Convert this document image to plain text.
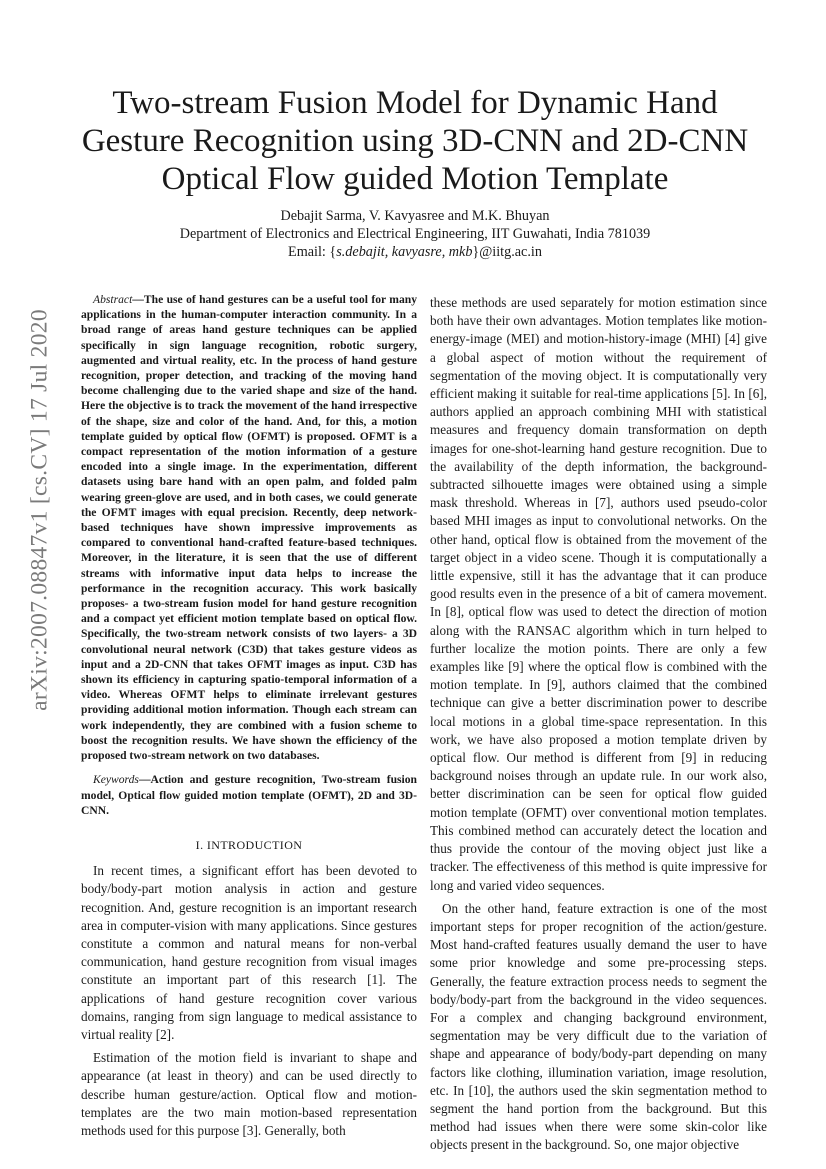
arXiv:2007.08847v1 [cs.CV] 17 Jul 2020
Two-stream Fusion Model for Dynamic Hand
Gesture Recognition using 3D-CNN and 2D-CNN
Optical Flow guided Motion Template
Debajit Sarma, V. Kavyasree and M.K. Bhuyan
Department of Electronics and Electrical Engineering, IIT Guwahati, India 781039
Email: {s.debajit, kavyasre, mkb}@iitg.ac.in

Abstract—The use of hand gestures can be a useful tool for many applications in the human-computer interaction community. In a broad range of areas hand gesture techniques can be applied specifically in sign language recognition, robotic surgery, augmented and virtual reality, etc. In the process of hand gesture recognition, proper detection, and tracking of the moving hand become challenging due to the varied shape and size of the hand. Here the objective is to track the movement of the hand irrespective of the shape, size and color of the hand. And, for this, a motion template guided by optical flow (OFMT) is proposed. OFMT is a compact representation of the motion information of a gesture encoded into a single image. In the experimentation, different datasets using bare hand with an open palm, and folded palm wearing green-glove are used, and in both cases, we could generate the OFMT images with equal precision. Recently, deep network-based techniques have shown impressive improvements as compared to conventional hand-crafted feature-based techniques. Moreover, in the literature, it is seen that the use of different streams with informative input data helps to increase the performance in the recognition accuracy. This work basically proposes- a two-stream fusion model for hand gesture recognition and a compact yet efficient motion template based on optical flow. Specifically, the two-stream network consists of two layers- a 3D convolutional neural network (C3D) that takes gesture videos as input and a 2D-CNN that takes OFMT images as input. C3D has shown its efficiency in capturing spatio-temporal information of a video. Whereas OFMT helps to eliminate irrelevant gestures providing additional motion information. Though each stream can work independently, they are combined with a fusion scheme to boost the recognition results. We have shown the efficiency of the proposed two-stream network on two databases.

Keywords—Action and gesture recognition, Two-stream fusion model, Optical flow guided motion template (OFMT), 2D and 3D-CNN.

I. INTRODUCTION

In recent times, a significant effort has been devoted to body/body-part motion analysis in action and gesture recognition. And, gesture recognition is an important research area in computer-vision with many applications. Since gestures constitute a common and natural means for non-verbal communication, hand gesture recognition from visual images constitute an important part of this research [1]. The applications of hand gesture recognition cover various domains, ranging from sign language to medical assistance to virtual reality [2].

Estimation of the motion field is invariant to shape and appearance (at least in theory) and can be used directly to describe human gesture/action. Optical flow and motion-templates are the two main motion-based representation methods used for this purpose [3]. Generally, both

these methods are used separately for motion estimation since both have their own advantages. Motion templates like motion-energy-image (MEI) and motion-history-image (MHI) [4] give a global aspect of motion without the requirement of segmentation of the moving object. It is computationally very efficient making it suitable for real-time applications [5]. In [6], authors applied an approach combining MHI with statistical measures and frequency domain transformation on depth images for one-shot-learning hand gesture recognition. Due to the availability of the depth information, the background-subtracted silhouette images were obtained using a simple mask threshold. Whereas in [7], authors used pseudo-color based MHI images as input to convolutional networks. On the other hand, optical flow is obtained from the movement of the target object in a video scene. Though it is computationally a little expensive, still it has the advantage that it can produce good results even in the presence of a bit of camera movement. In [8], optical flow was used to detect the direction of motion along with the RANSAC algorithm which in turn helped to further localize the motion points. There are only a few examples like [9] where the optical flow is combined with the motion template. In [9], authors claimed that the combined technique can give a better discrimination power to describe local motions in a global time-space representation. In this work, we have also proposed a motion template driven by optical flow. Our method is different from [9] in reducing background noises through an update rule. In our work also, better discrimination can be seen for optical flow guided motion template (OFMT) over conventional motion templates. This combined method can accurately detect the location and thus provide the contour of the moving object just like a tracker. The effectiveness of this method is quite impressive for long and varied video sequences.

On the other hand, feature extraction is one of the most important steps for proper recognition of the action/gesture. Most hand-crafted features usually demand the user to have some prior knowledge and some pre-processing steps. Generally, the feature extraction process needs to segment the body/body-part from the background in the video sequences. For a complex and changing background environment, segmentation may be very difficult due to the variation of shape and appearance of body/body-part depending on many factors like clothing, illumination variation, image resolution, etc. In [10], the authors used the skin segmentation method to segment the hand portion from the background. But this method had issues when there were some skin-color like objects present in the background. So, one major objective
